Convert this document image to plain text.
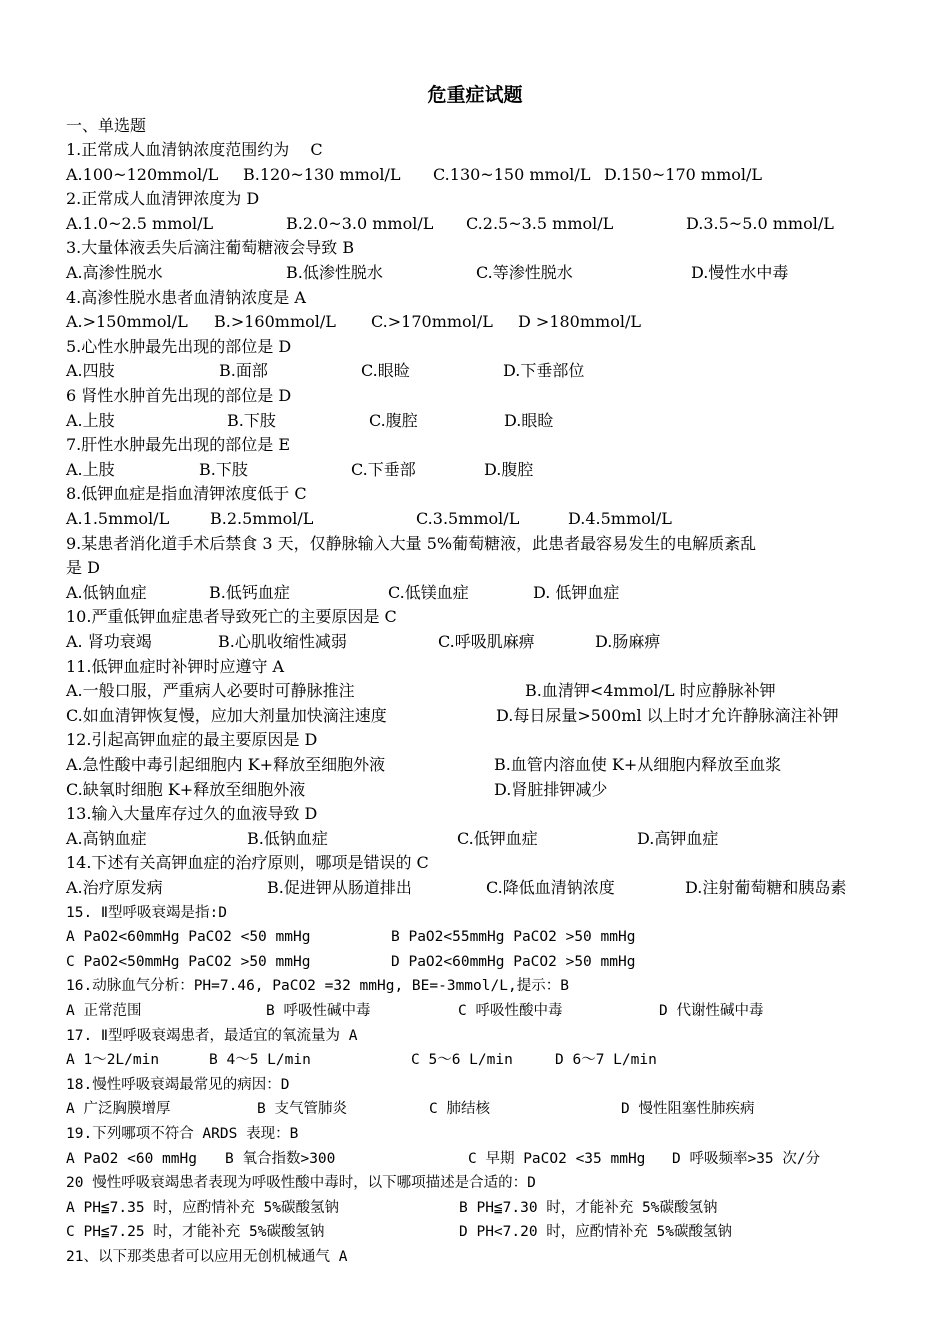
危重症试题
一、单选题
1.正常成人血清钠浓度范围约为　 C
A.100~120mmol/L B.120~130 mmol/L C.130~150 mmol/L D.150~170 mmol/L
2.正常成人血清钾浓度为 D
A.1.0~2.5 mmol/L	B.2.0~3.0 mmol/L C.2.5~3.5 mmol/L	D.3.5~5.0 mmol/L
3.大量体液丢失后滴注葡萄糖液会导致 B
A.高渗性脱水	B.低渗性脱水	C.等渗性脱水	D.慢性水中毒
4.高渗性脱水患者血清钠浓度是 A
A.>150mmol/L B.>160mmol/L C.>170mmol/L D >180mmol/L
5.心性水肿最先出现的部位是 D
A.四肢	B.面部	C.眼睑	D.下垂部位
6 肾性水肿首先出现的部位是 D
A.上肢	B.下肢	C.腹腔	D.眼睑
7.肝性水肿最先出现的部位是 E
A.上肢	B.下肢	C.下垂部	D.腹腔
8.低钾血症是指血清钾浓度低于 C
A.1.5mmol/L	B.2.5mmol/L	C.3.5mmol/L	D.4.5mmol/L
9.某患者消化道手术后禁食 3 天，仅静脉输入大量 5%葡萄糖液，此患者最容易发生的电解质紊乱
是 D
A.低钠血症	B.低钙血症	C.低镁血症	D. 低钾血症
10.严重低钾血症患者导致死亡的主要原因是 C
A. 肾功衰竭	B.心肌收缩性减弱	C.呼吸肌麻痹	D.肠麻痹
11.低钾血症时补钾时应遵守 A
A.一般口服，严重病人必要时可静脉推注	B.血清钾<4mmol/L 时应静脉补钾
C.如血清钾恢复慢，应加大剂量加快滴注速度	D.每日尿量>500ml 以上时才允许静脉滴注补钾
12.引起高钾血症的最主要原因是 D
A.急性酸中毒引起细胞内 K+释放至细胞外液	B.血管内溶血使 K+从细胞内释放至血浆
C.缺氧时细胞 K+释放至细胞外液	D.肾脏排钾减少
13.输入大量库存过久的血液导致 D
A.高钠血症	B.低钠血症	C.低钾血症	D.高钾血症
14.下述有关高钾血症的治疗原则，哪项是错误的 C
A.治疗原发病	B.促进钾从肠道排出	C.降低血清钠浓度	D.注射葡萄糖和胰岛素
15. Ⅱ型呼吸衰竭是指:D
A PaO2<60mmHg PaCO2 <50 mmHg	B PaO2<55mmHg PaCO2 >50 mmHg
C PaO2<50mmHg PaCO2 >50 mmHg	D PaO2<60mmHg PaCO2 >50 mmHg
16.动脉血气分析：PH=7.46, PaCO2 =32 mmHg, BE=-3mmol/L,提示：B
A 正常范围	B 呼吸性碱中毒	C 呼吸性酸中毒	D 代谢性碱中毒
17. Ⅱ型呼吸衰竭患者，最适宜的氧流量为 A
A 1～2L/min	B 4～5 L/min	C 5～6 L/min	D 6～7 L/min
18.慢性呼吸衰竭最常见的病因：D
A 广泛胸膜增厚	B 支气管肺炎	C 肺结核	D 慢性阻塞性肺疾病
19.下列哪项不符合 ARDS 表现：B
A PaO2 <60 mmHg B 氧合指数>300	C 早期 PaCO2 <35 mmHg D 呼吸频率>35 次/分
20 慢性呼吸衰竭患者表现为呼吸性酸中毒时，以下哪项描述是合适的：D
A PH≦7.35 时，应酌情补充 5%碳酸氢钠	B PH≦7.30 时，才能补充 5%碳酸氢钠
C PH≦7.25 时，才能补充 5%碳酸氢钠	D PH<7.20 时，应酌情补充 5%碳酸氢钠
21、以下那类患者可以应用无创机械通气 A
